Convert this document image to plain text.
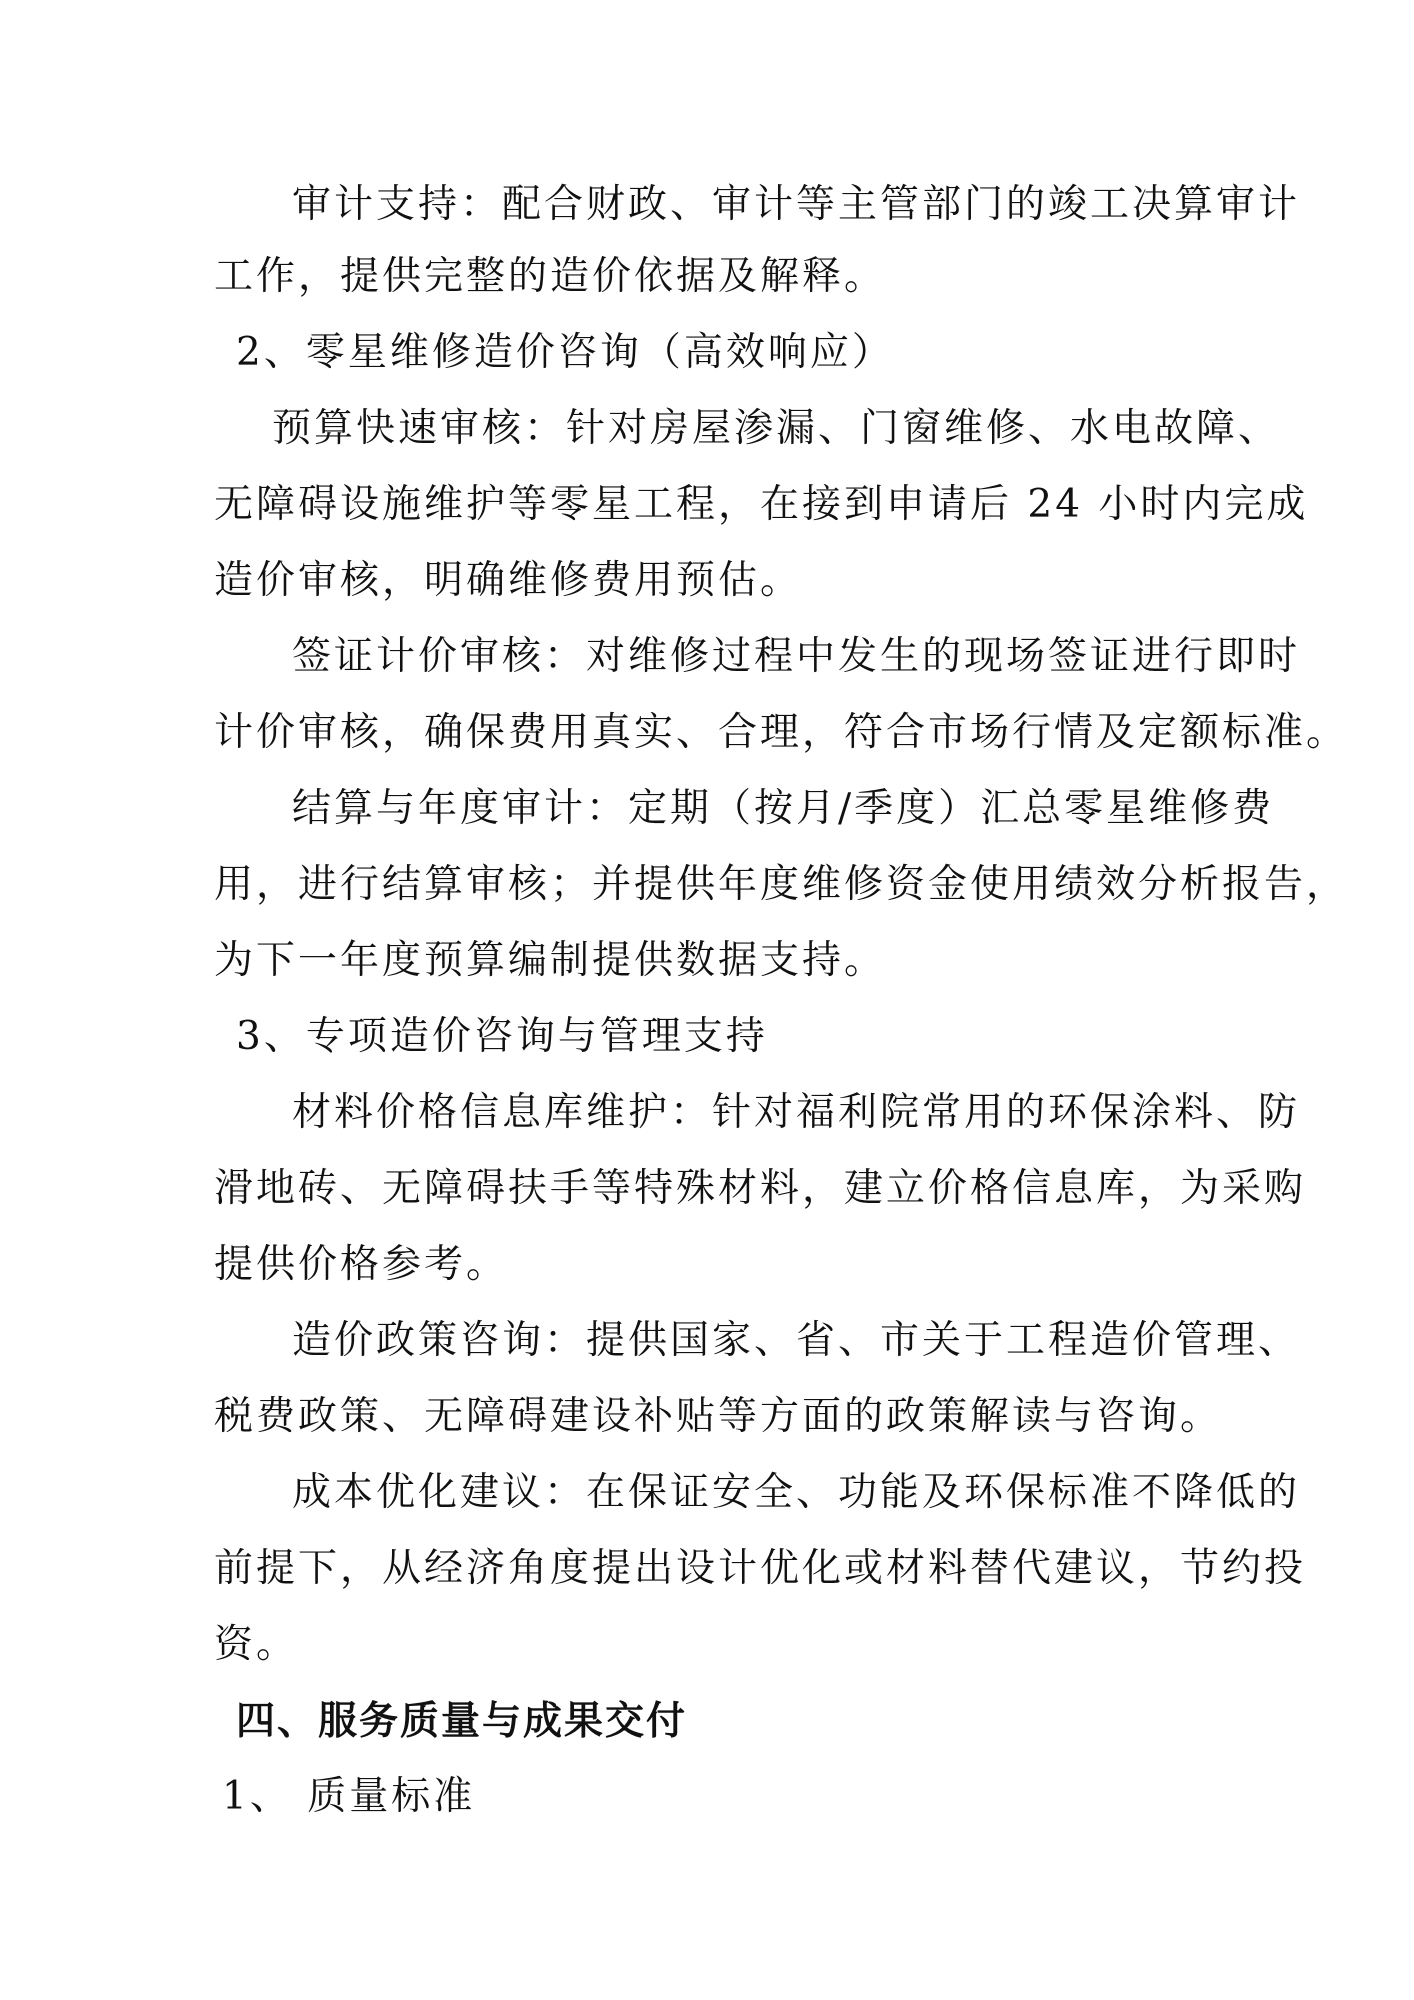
审计支持：配合财政、审计等主管部门的竣工决算审计
工作，提供完整的造价依据及解释。
2、零星维修造价咨询（高效响应）
预算快速审核：针对房屋渗漏、门窗维修、水电故障、
无障碍设施维护等零星工程，在接到申请后 24 小时内完成
造价审核，明确维修费用预估。
签证计价审核：对维修过程中发生的现场签证进行即时
计价审核，确保费用真实、合理，符合市场行情及定额标准。
结算与年度审计：定期（按月/季度）汇总零星维修费
用，进行结算审核；并提供年度维修资金使用绩效分析报告，
为下一年度预算编制提供数据支持。
3、专项造价咨询与管理支持
材料价格信息库维护：针对福利院常用的环保涂料、防
滑地砖、无障碍扶手等特殊材料，建立价格信息库，为采购
提供价格参考。
造价政策咨询：提供国家、省、市关于工程造价管理、
税费政策、无障碍建设补贴等方面的政策解读与咨询。
成本优化建议：在保证安全、功能及环保标准不降低的
前提下，从经济角度提出设计优化或材料替代建议，节约投
资。
四、服务质量与成果交付
1、 质量标准
